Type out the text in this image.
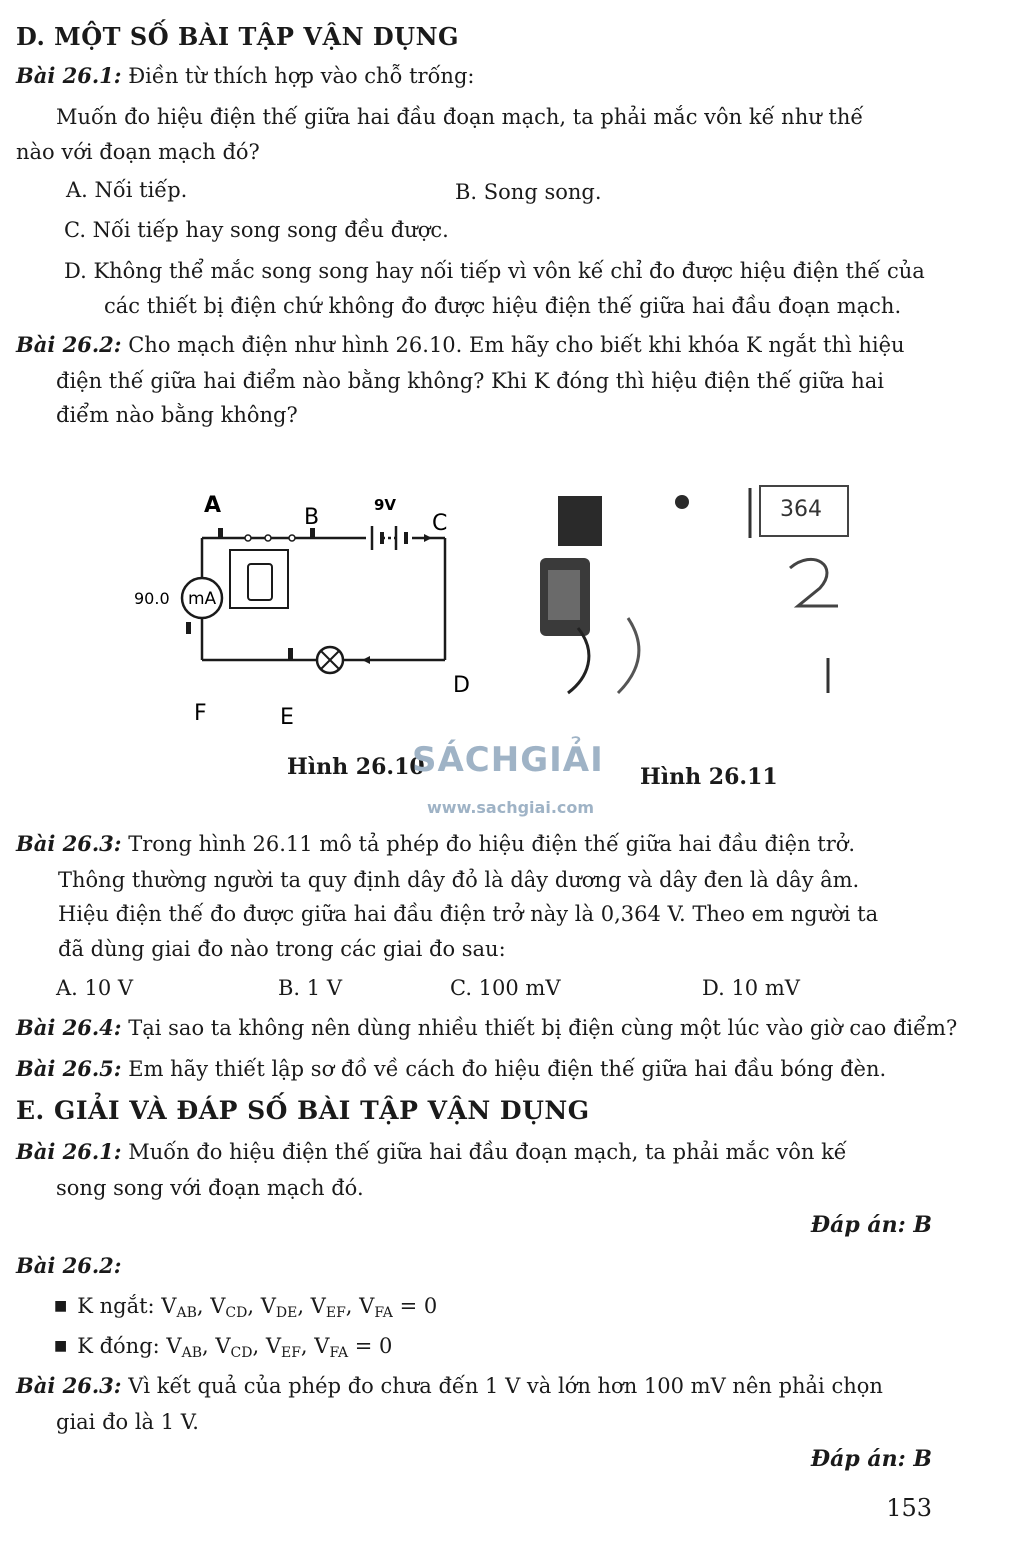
D. MỘT SỐ BÀI TẬP VẬN DỤNG
Bài 26.1: Điền từ thích hợp vào chỗ trống:
Muốn đo hiệu điện thế giữa hai đầu đoạn mạch, ta phải mắc vôn kế như thế
nào với đoạn mạch đó?
A. Nối tiếp.	B. Song song.
C. Nối tiếp hay song song đều được.
D. Không thể mắc song song hay nối tiếp vì vôn kế chỉ đo được hiệu điện thế của
các thiết bị điện chứ không đo được hiệu điện thế giữa hai đầu đoạn mạch.
Bài 26.2: Cho mạch điện như hình 26.10. Em hãy cho biết khi khóa K ngắt thì hiệu
điện thế giữa hai điểm nào bằng không? Khi K đóng thì hiệu điện thế giữa hai
điểm nào bằng không?
A	B	9V
C
D
E
F
mA
90.0
364
Hình 26.10
SÁCHGIẢI
www.sachgiai.com
Hình 26.11
Bài 26.3: Trong hình 26.11 mô tả phép đo hiệu điện thế giữa hai đầu điện trở.
Thông thường người ta quy định dây đỏ là dây dương và dây đen là dây âm.
Hiệu điện thế đo được giữa hai đầu điện trở này là 0,364 V. Theo em người ta
đã dùng giai đo nào trong các giai đo sau:
A. 10 V	B. 1 V	C. 100 mV	D. 10 mV
Bài 26.4: Tại sao ta không nên dùng nhiều thiết bị điện cùng một lúc vào giờ cao điểm?
Bài 26.5: Em hãy thiết lập sơ đồ về cách đo hiệu điện thế giữa hai đầu bóng đèn.
E. GIẢI VÀ ĐÁP SỐ BÀI TẬP VẬN DỤNG
Bài 26.1: Muốn đo hiệu điện thế giữa hai đầu đoạn mạch, ta phải mắc vôn kế
song song với đoạn mạch đó.
Đáp án: B
Bài 26.2:
■ K ngắt: $V_{AB}$, $V_{CD}$, $V_{DE}$, $V_{EF}$, $V_{FA} = 0$
■ K đóng: $V_{AB}$, $V_{CD}$, $V_{EF}$, $V_{FA} = 0$
Bài 26.3: Vì kết quả của phép đo chưa đến 1 V và lớn hơn 100 mV nên phải chọn
giai đo là 1 V.
Đáp án: B
153
